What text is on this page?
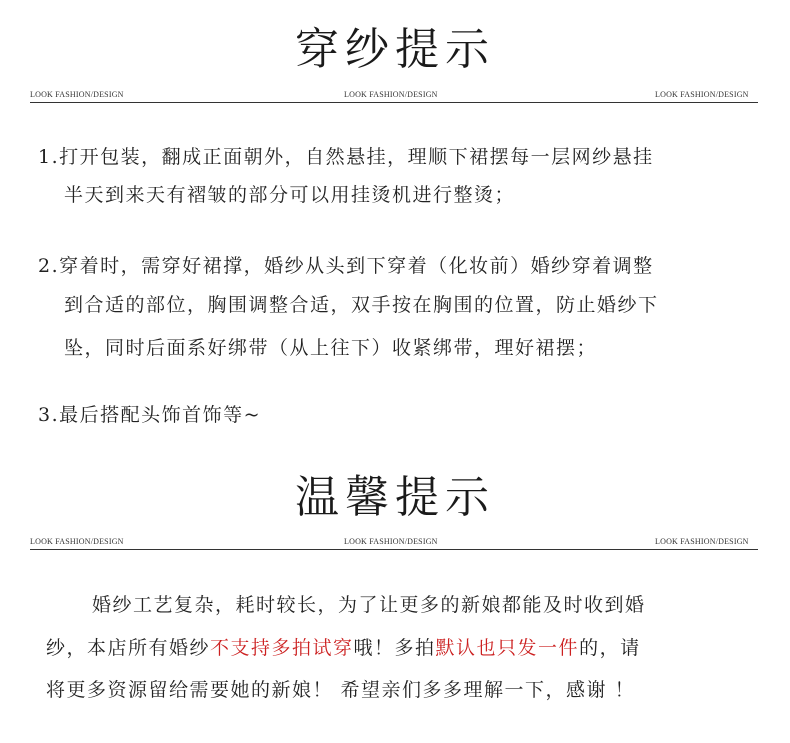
穿纱提示
LOOK FASHION/DESIGN	LOOK FASHION/DESIGN	LOOK FASHION/DESIGN
1.打开包装，翻成正面朝外，自然悬挂，理顺下裙摆每一层网纱悬挂
半天到来天有褶皱的部分可以用挂烫机进行整烫；
2.穿着时，需穿好裙撑，婚纱从头到下穿着（化妆前）婚纱穿着调整
到合适的部位，胸围调整合适，双手按在胸围的位置，防止婚纱下
坠，同时后面系好绑带（从上往下）收紧绑带，理好裙摆；
3.最后搭配头饰首饰等~
温馨提示
LOOK FASHION/DESIGN	LOOK FASHION/DESIGN	LOOK FASHION/DESIGN
婚纱工艺复杂，耗时较长，为了让更多的新娘都能及时收到婚
纱，本店所有婚纱不支持多拍试穿哦！多拍默认也只发一件的，请
将更多资源留给需要她的新娘！ 希望亲们多多理解一下，感谢 ！
